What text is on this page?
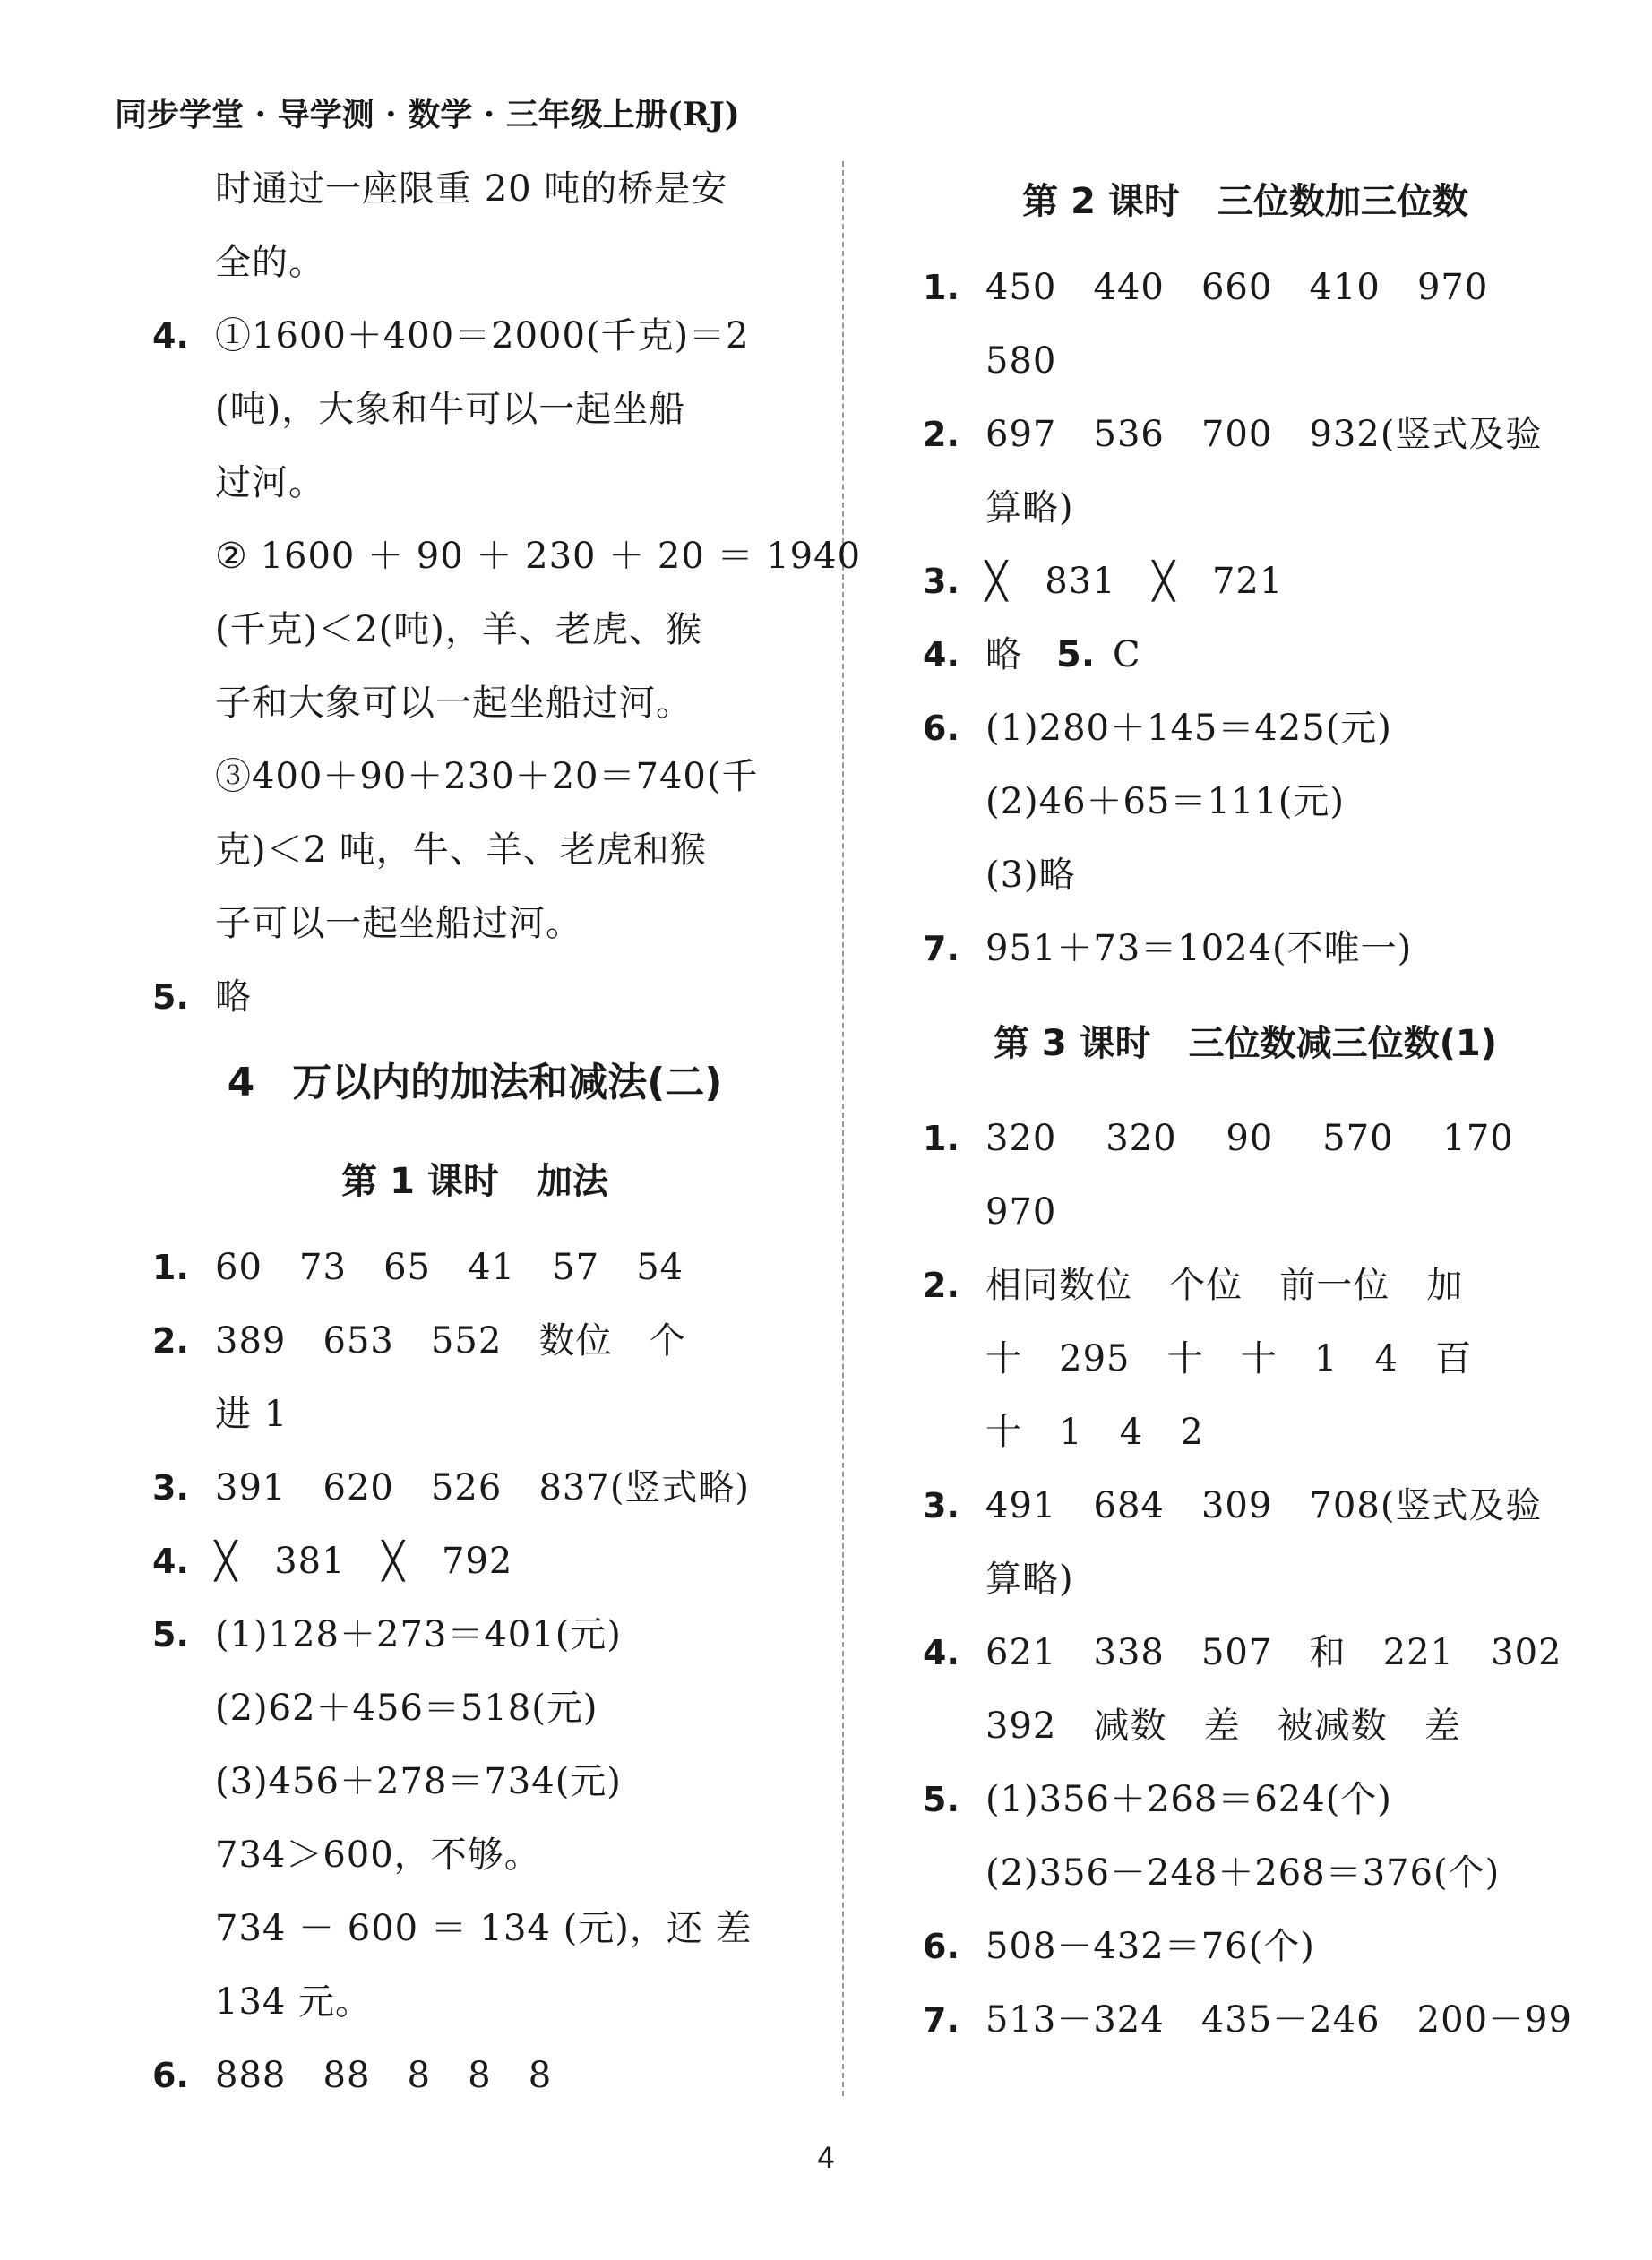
同步学堂 · 导学测 · 数学 · 三年级上册(RJ)
时通过一座限重 20 吨的桥是安
全的。
4. ①1600＋400＝2000(千克)＝2
(吨)，大象和牛可以一起坐船
过河。
② 1600 ＋ 90 ＋ 230 ＋ 20 ＝ 1940
(千克)＜2(吨)，羊、老虎、猴
子和大象可以一起坐船过河。
③400＋90＋230＋20＝740(千
克)＜2 吨，牛、羊、老虎和猴
子可以一起坐船过河。
5. 略
4 万以内的加法和减法(二)
第 1 课时 加法
1. 60   73   65   41   57   54
2. 389   653   552   数位   个
进 1
3. 391   620   526   837(竖式略)
4. ╳   381   ╳   792
5. (1)128＋273＝401(元)
(2)62＋456＝518(元)
(3)456＋278＝734(元)
734＞600，不够。
734 － 600 ＝ 134 (元)，还 差
134 元。
6. 888   88   8   8   8
第 2 课时 三位数加三位数
1. 450   440   660   410   970
580
2. 697   536   700   932(竖式及验
算略)
3. ╳   831   ╳   721
4. 略 5. C
6. (1)280＋145＝425(元)
(2)46＋65＝111(元)
(3)略
7. 951＋73＝1024(不唯一)
第 3 课时 三位数减三位数(1)
1. 320    320    90    570    170
970
2. 相同数位   个位   前一位   加
十   295   十   十   1   4   百
十   1   4   2
3. 491   684   309   708(竖式及验
算略)
4. 621   338   507   和   221   302
392   减数   差   被减数   差
5. (1)356＋268＝624(个)
(2)356－248＋268＝376(个)
6. 508－432＝76(个)
7. 513－324   435－246   200－99
4
